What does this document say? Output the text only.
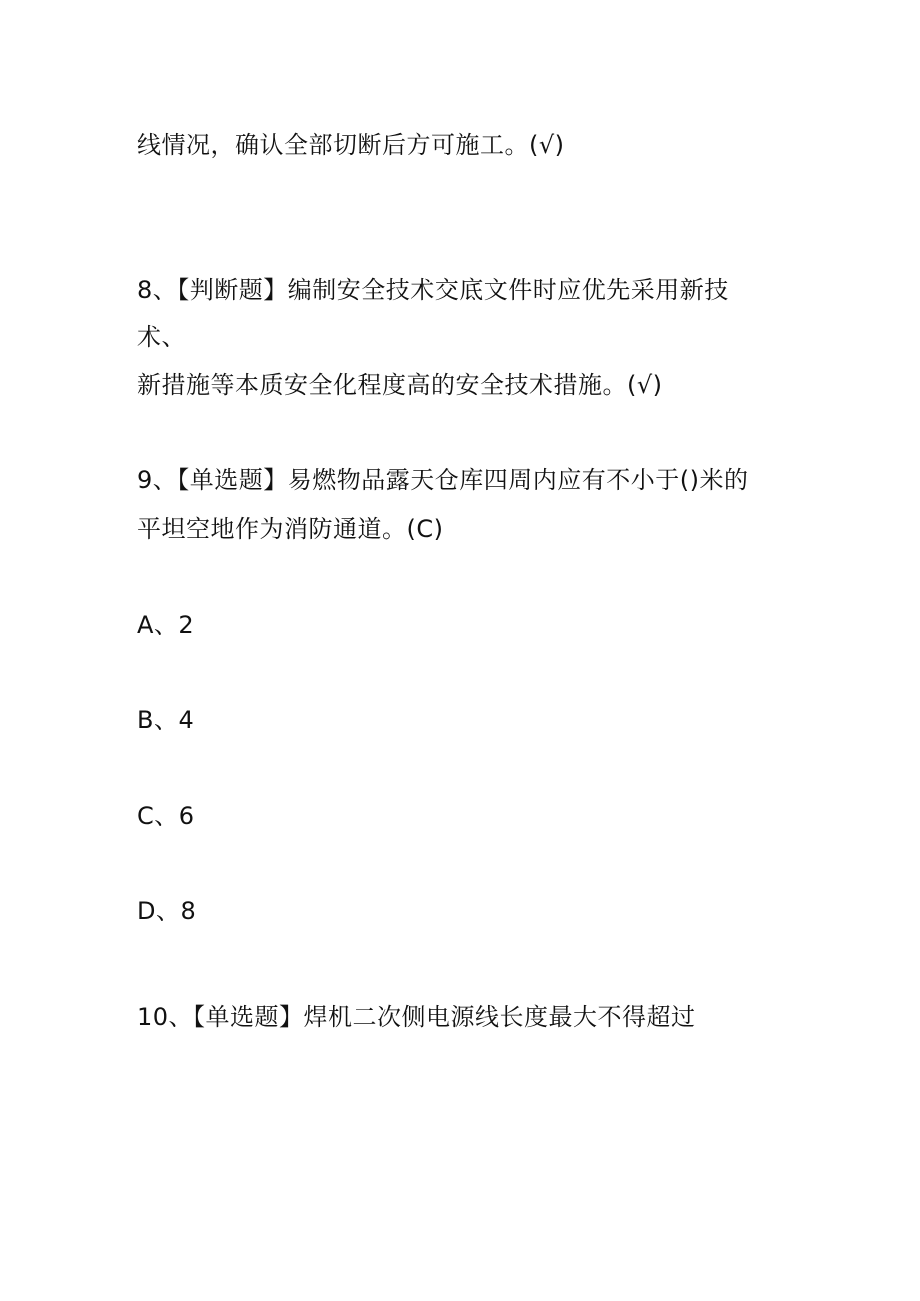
线情况，确认全部切断后方可施工。(√)
8、【判断题】编制安全技术交底文件时应优先采用新技
术、
新措施等本质安全化程度高的安全技术措施。(√)
9、【单选题】易燃物品露天仓库四周内应有不小于()米的
平坦空地作为消防通道。(C)
A、2
B、4
C、6
D、8
10、【单选题】焊机二次侧电源线长度最大不得超过
